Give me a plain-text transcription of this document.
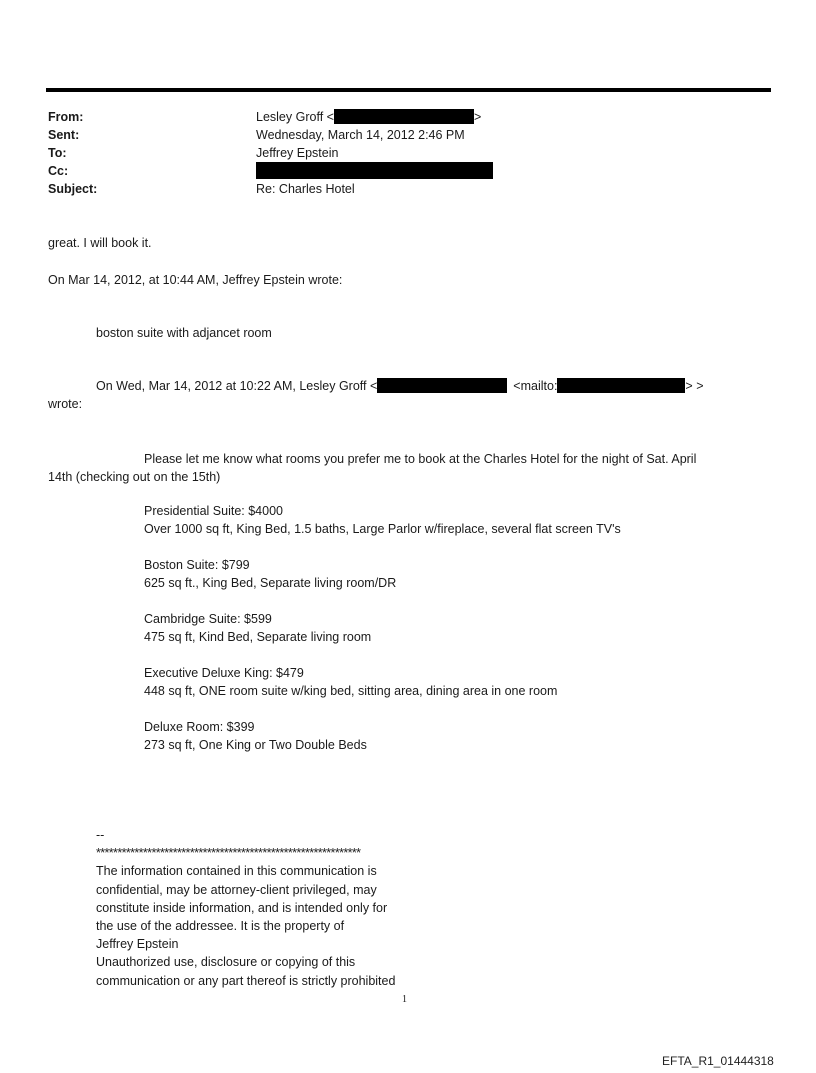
From:	Lesley Groff <	>
Sent:	Wednesday, March 14, 2012 2:46 PM
To:	Jeffrey Epstein
Cc:
Subject:	Re: Charles Hotel
great. I will book it.
On Mar 14, 2012, at 10:44 AM, Jeffrey Epstein wrote:
boston suite with adjancet room
On Wed, Mar 14, 2012 at 10:22 AM, Lesley Groff <	<mailto:	> >
wrote:
Please let me know what rooms you prefer me to book at the Charles Hotel for the night of Sat. April
14th (checking out on the 15th)
Presidential Suite: $4000
Over 1000 sq ft, King Bed, 1.5 baths, Large Parlor w/fireplace, several flat screen TV's
Boston Suite: $799
625 sq ft., King Bed, Separate living room/DR
Cambridge Suite: $599
475 sq ft, Kind Bed, Separate living room
Executive Deluxe King: $479
448 sq ft, ONE room suite w/king bed, sitting area, dining area in one room
Deluxe Room: $399
273 sq ft, One King or Two Double Beds
--
**************************************************************
The information contained in this communication is
confidential, may be attorney-client privileged, may
constitute inside information, and is intended only for
the use of the addressee. It is the property of
Jeffrey Epstein
Unauthorized use, disclosure or copying of this
communication or any part thereof is strictly prohibited
1
EFTA_R1_01444318
